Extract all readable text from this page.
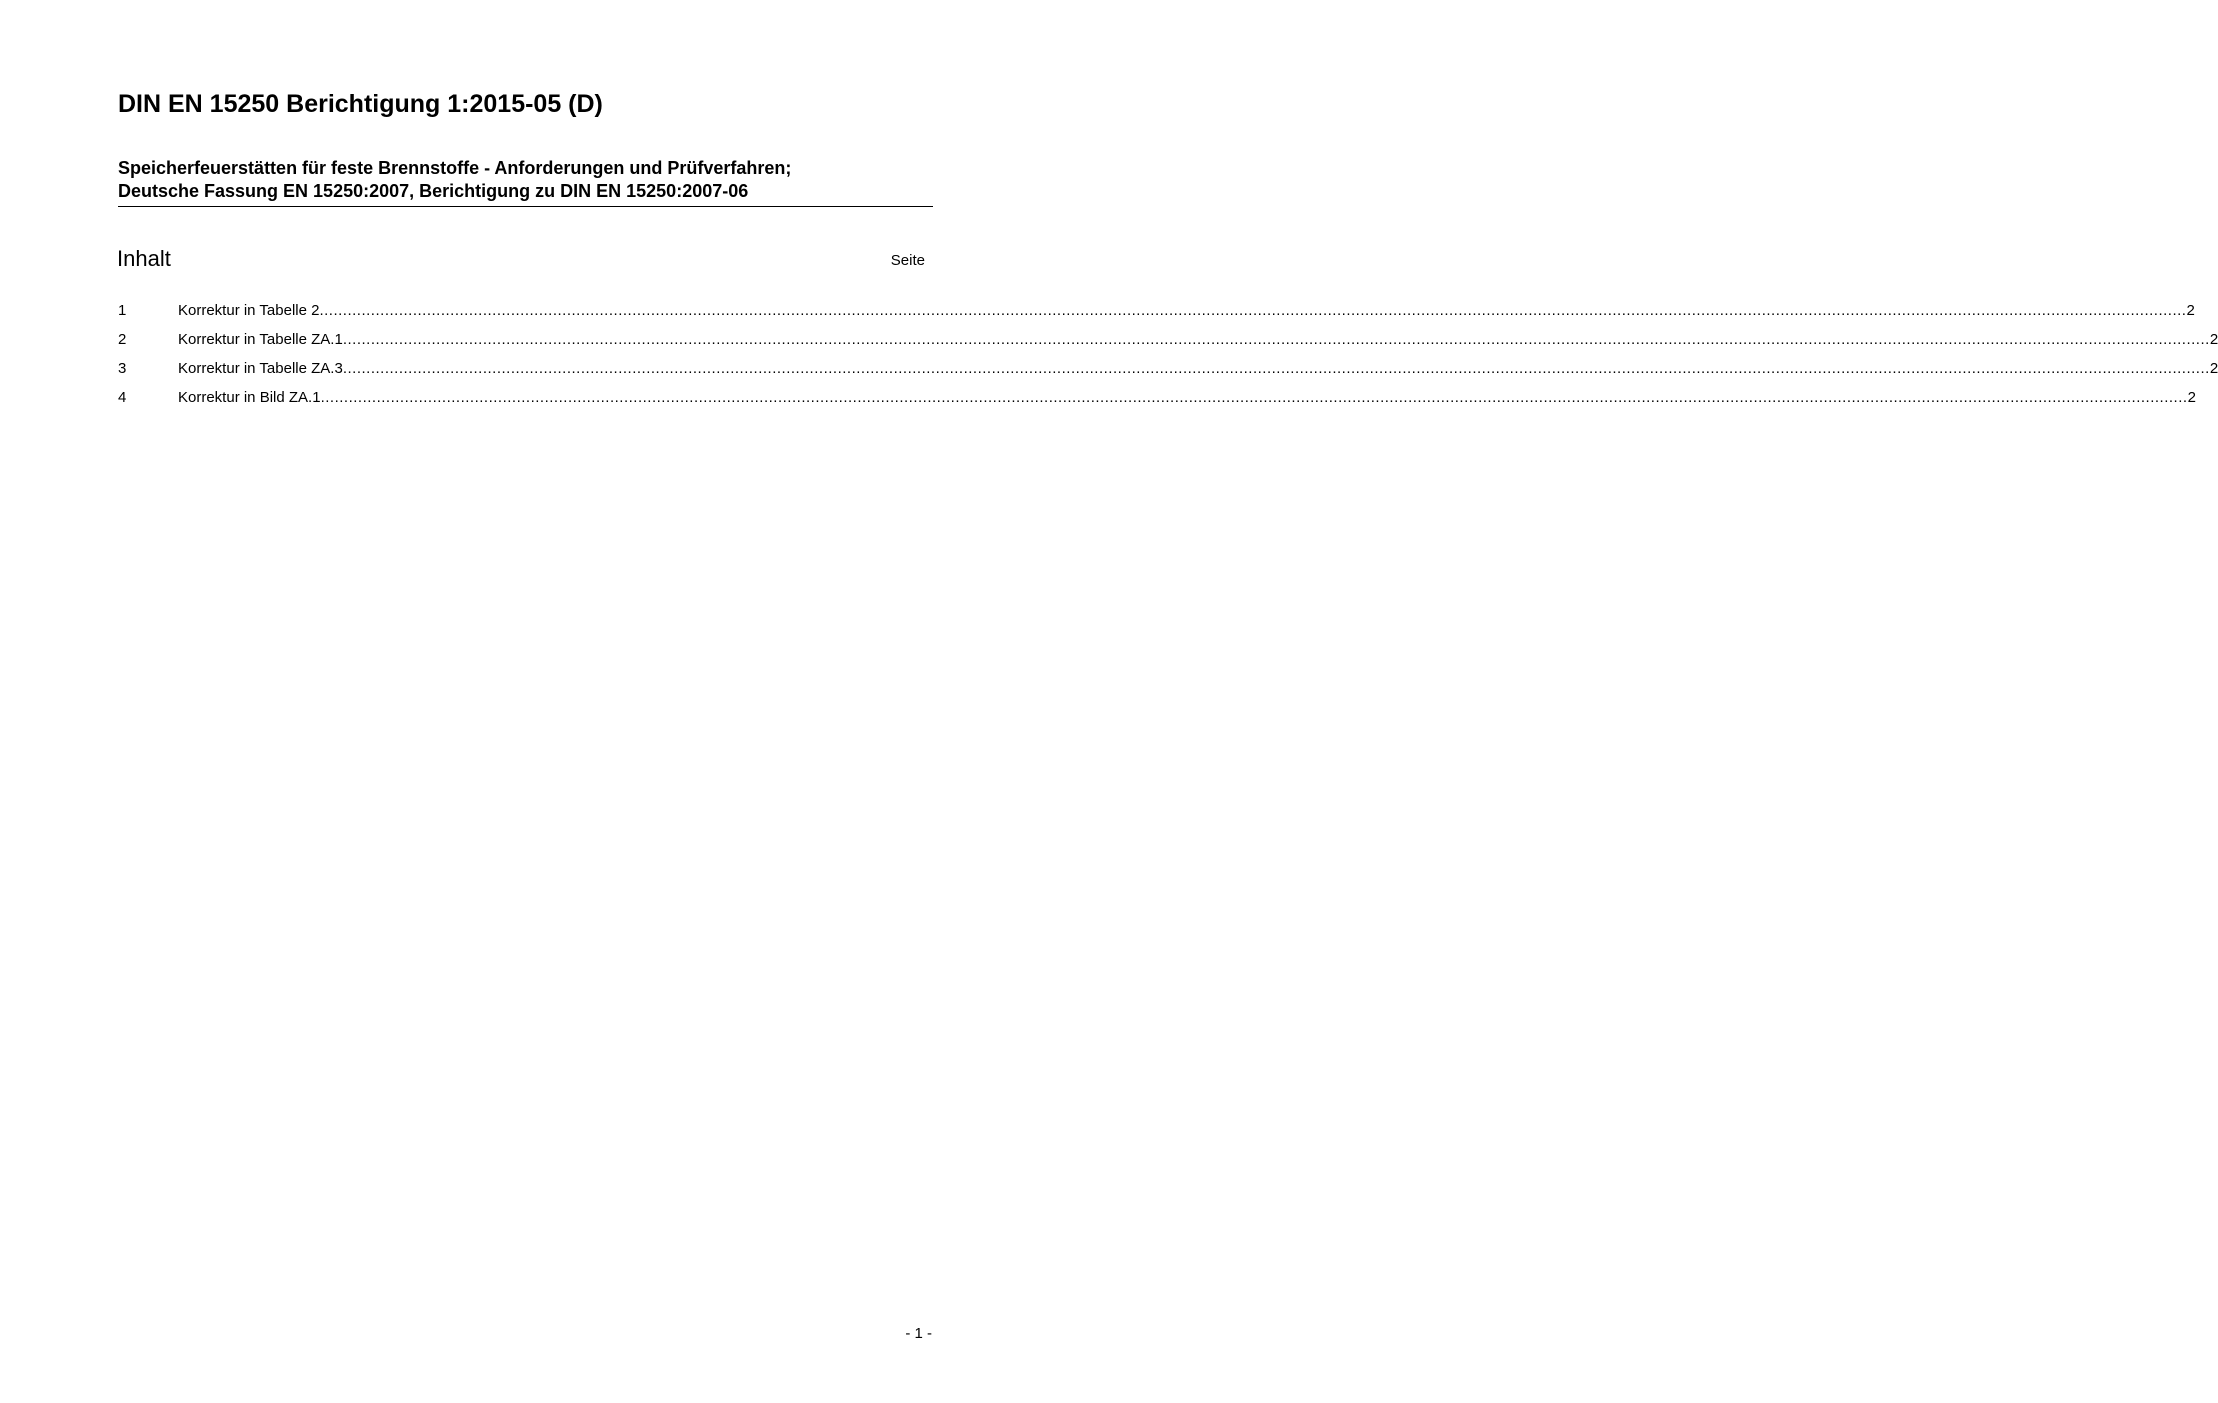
DIN EN 15250 Berichtigung 1:2015-05 (D)
Speicherfeuerstätten für feste Brennstoffe - Anforderungen und Prüfverfahren;
Deutsche Fassung EN 15250:2007, Berichtigung zu DIN EN 15250:2007-06
Inhalt	Seite
1	Korrektur in Tabelle 2 ................................................................................................................................................................................................................................................................................................................................................................................................................ 2
2	Korrektur in Tabelle ZA.1 ................................................................................................................................................................................................................................................................................................................................................................................................................ 2
3	Korrektur in Tabelle ZA.3 ................................................................................................................................................................................................................................................................................................................................................................................................................ 2
4	Korrektur in Bild ZA.1 ................................................................................................................................................................................................................................................................................................................................................................................................................ 2
- 1 -
